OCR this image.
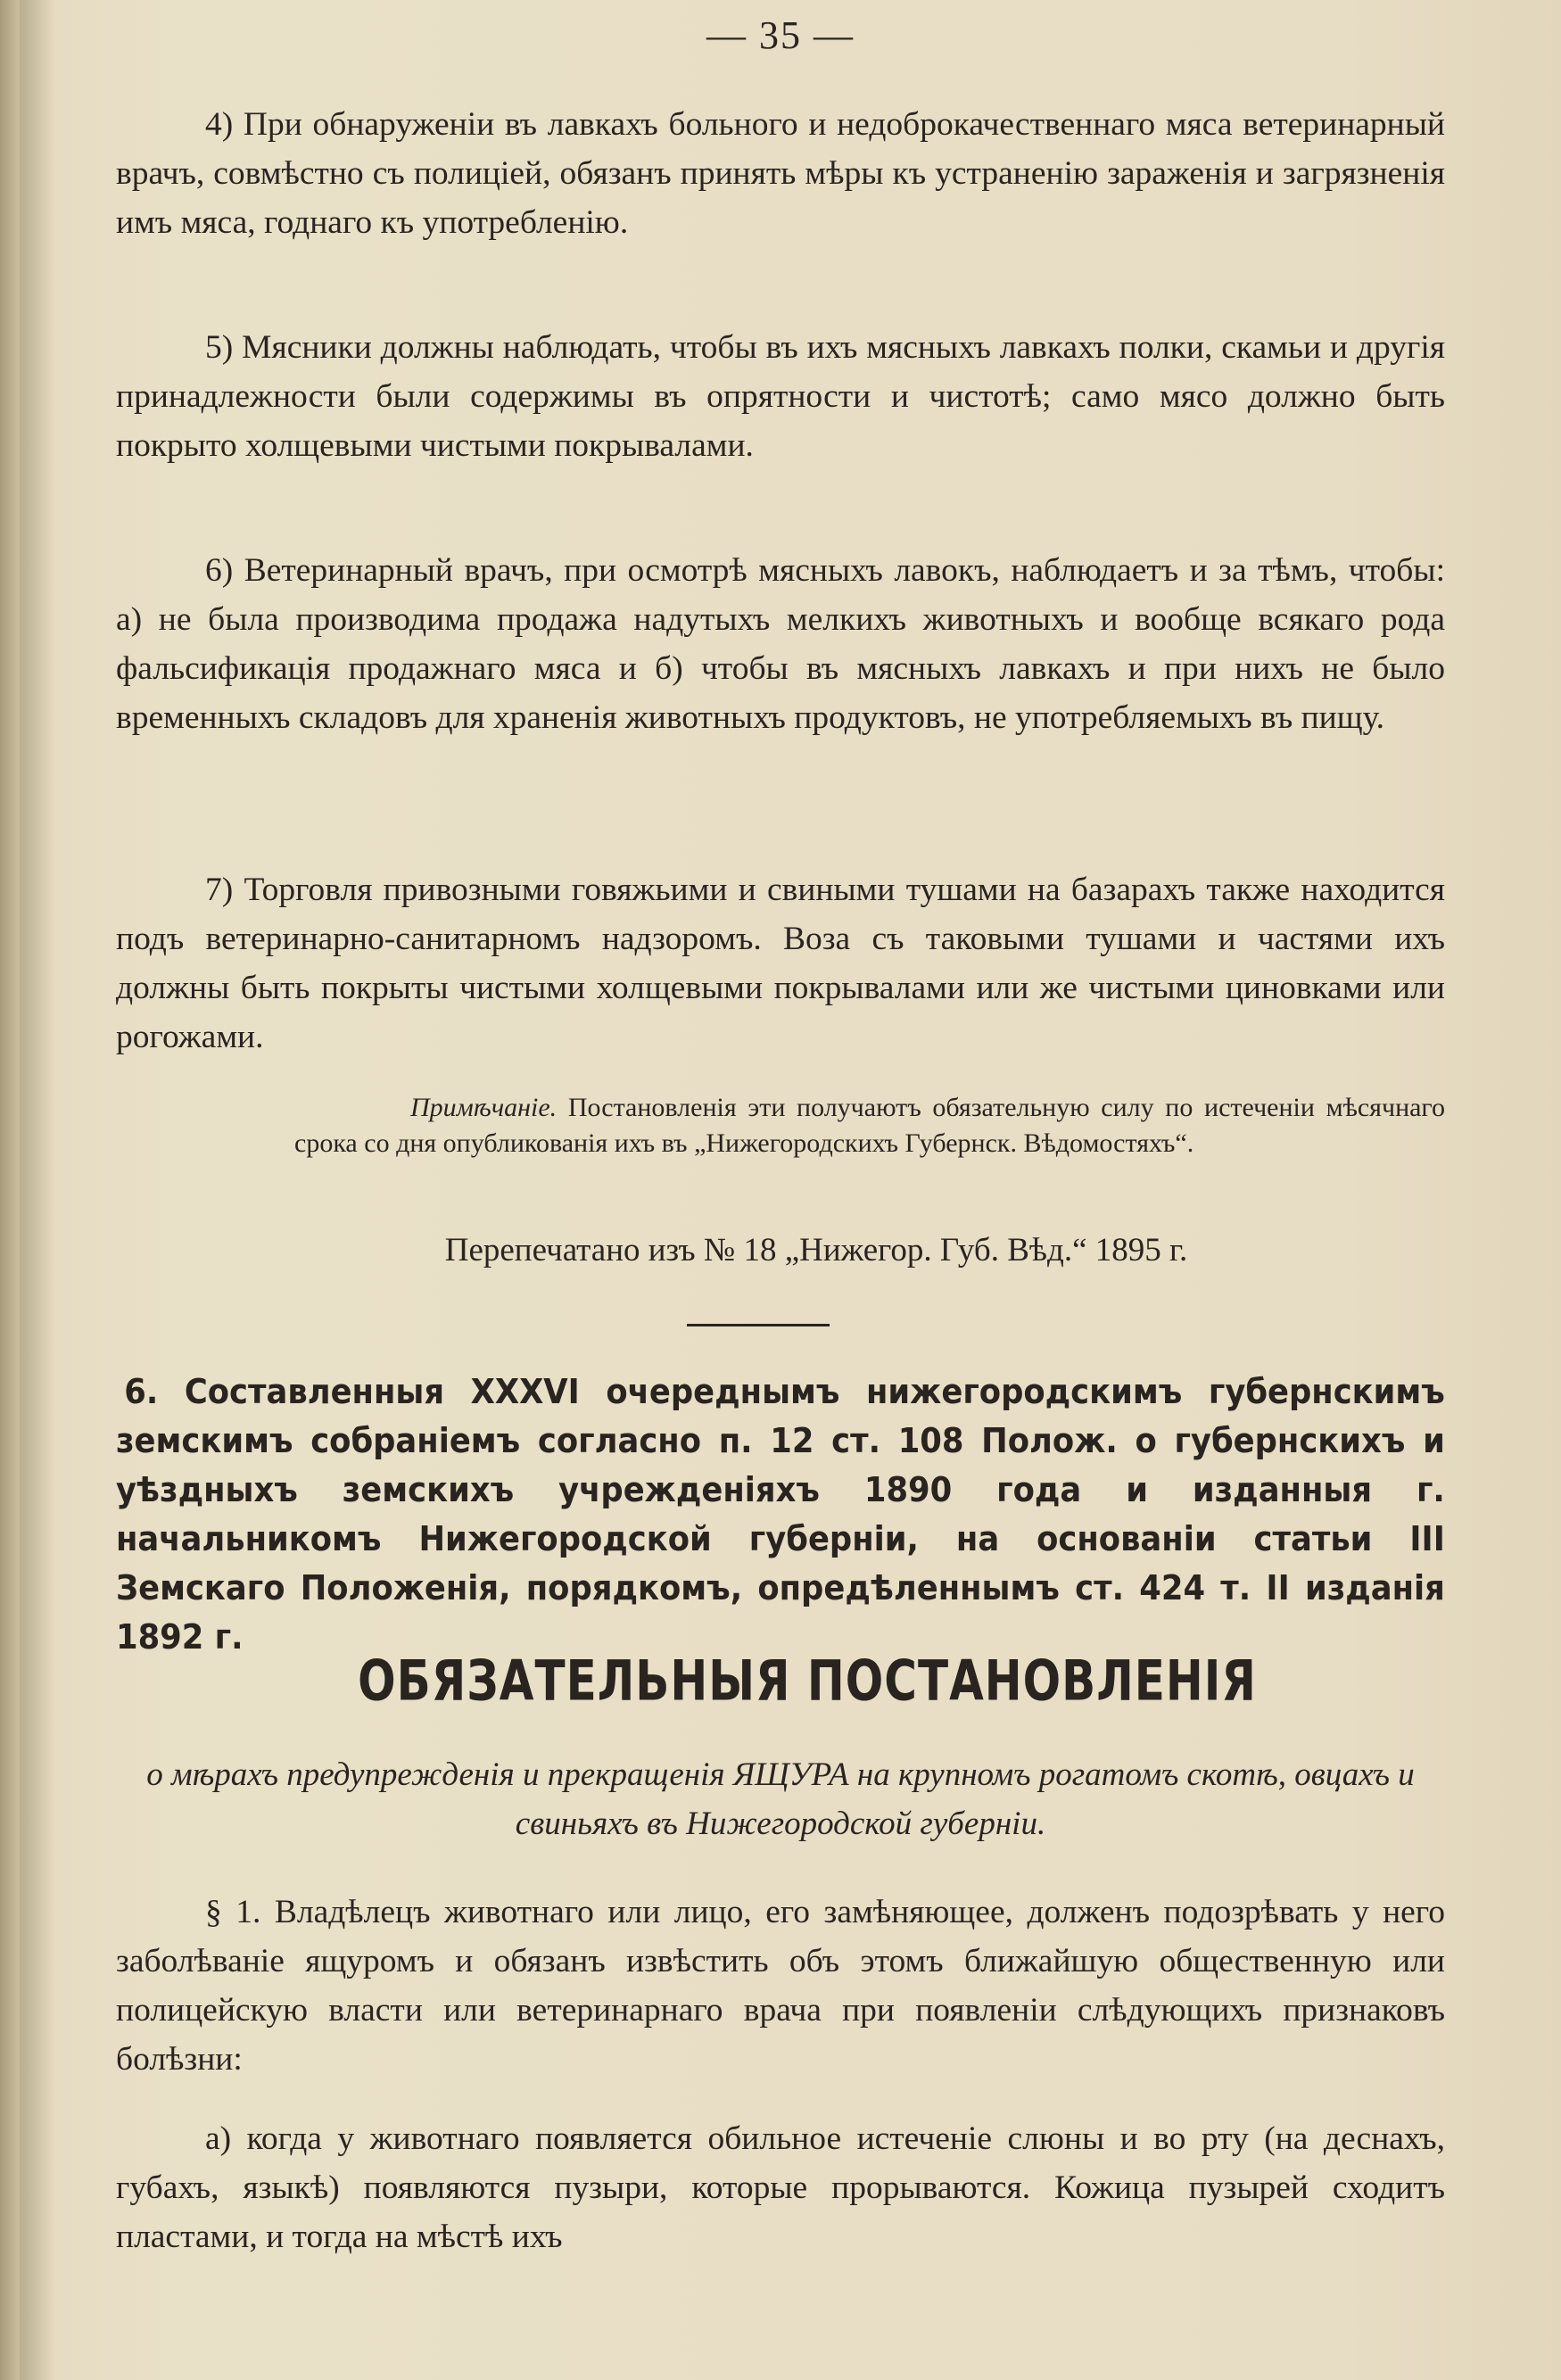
— 35 —

4) При обнаруженіи въ лавкахъ больного и недоброкачественнаго мяса ветеринарный врачъ, совмѣстно съ полиціей, обязанъ принять мѣры къ устраненію зараженія и загрязненія имъ мяса, годнаго къ употребленію.

5) Мясники должны наблюдать, чтобы въ ихъ мясныхъ лавкахъ полки, скамьи и другія принадлежности были содержимы въ опрятности и чистотѣ; само мясо должно быть покрыто холщевыми чистыми покрывалами.

6) Ветеринарный врачъ, при осмотрѣ мясныхъ лавокъ, наблюдаетъ и за тѣмъ, чтобы: а) не была производима продажа надутыхъ мелкихъ животныхъ и вообще всякаго рода фальсификація продажнаго мяса и б) чтобы въ мясныхъ лавкахъ и при нихъ не было временныхъ складовъ для храненія животныхъ продуктовъ, не употребляемыхъ въ пищу.

7) Торговля привозными говяжьими и свиными тушами на базарахъ также находится подъ ветеринарно-санитарномъ надзоромъ. Воза съ таковыми тушами и частями ихъ должны быть покрыты чистыми холщевыми покрывалами или же чистыми циновками или рогожами.

Примѣчаніе. Постановленія эти получаютъ обязательную силу по истеченіи мѣсячнаго срока со дня опубликованія ихъ въ „Нижегородскихъ Губернск. Вѣдомостяхъ“.

Перепечатано изъ № 18 „Нижегор. Губ. Вѣд.“ 1895 г.

6. Составленныя XXXVI очереднымъ нижегородскимъ губернскимъ земскимъ собраніемъ согласно п. 12 ст. 108 Полож. о губернскихъ и уѣздныхъ земскихъ учрежденіяхъ 1890 года и изданныя г. начальникомъ Нижегородской губерніи, на основаніи статьи III Земскаго Положенія, порядкомъ, опредѣленнымъ ст. 424 т. II изданія 1892 г.

ОБЯЗАТЕЛЬНЫЯ ПОСТАНОВЛЕНІЯ

о мѣрахъ предупрежденія и прекращенія ЯЩУРА на крупномъ рогатомъ скотѣ, овцахъ и свиньяхъ въ Нижегородской губерніи.

§ 1. Владѣлецъ животнаго или лицо, его замѣняющее, долженъ подозрѣвать у него заболѣваніе ящуромъ и обязанъ извѣстить объ этомъ ближайшую общественную или полицейскую власти или ветеринарнаго врача при появленіи слѣдующихъ признаковъ болѣзни:

а) когда у животнаго появляется обильное истеченіе слюны и во рту (на деснахъ, губахъ, языкѣ) появляются пузыри, которые прорываются. Кожица пузырей сходитъ пластами, и тогда на мѣстѣ ихъ
